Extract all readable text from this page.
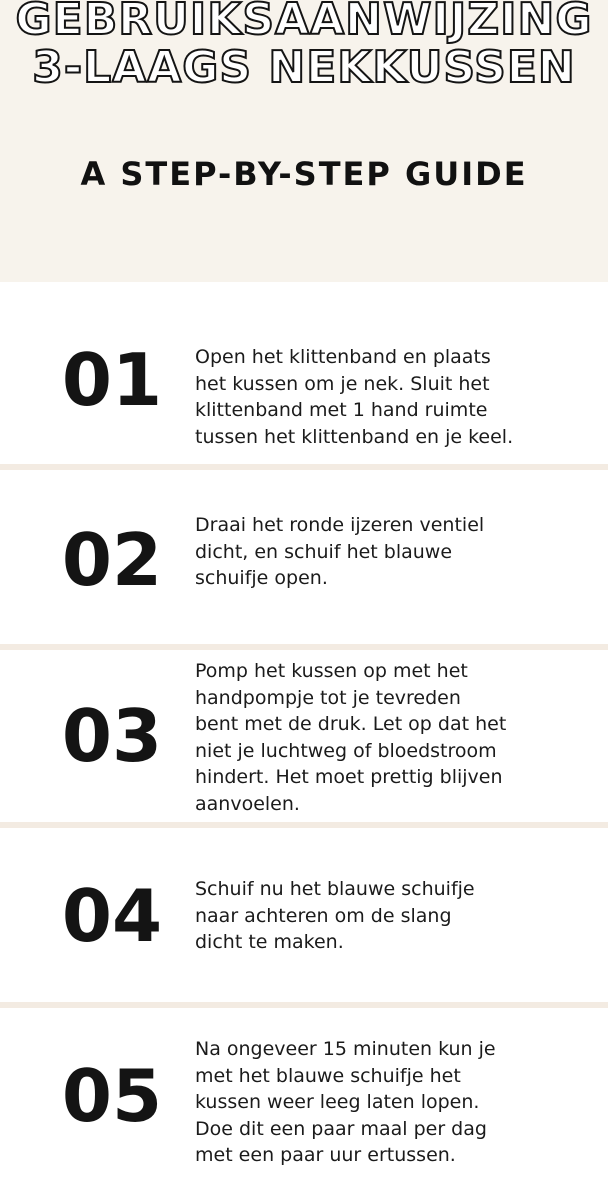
GEBRUIKSAANWIJZING
3-LAAGS NEKKUSSEN
A STEP-BY-STEP GUIDE
01	Open het klittenband en plaats
het kussen om je nek. Sluit het
klittenband met 1 hand ruimte
tussen het klittenband en je keel.
02	Draai het ronde ijzeren ventiel
dicht, en schuif het blauwe
schuifje open.
03
Pomp het kussen op met het
handpompje tot je tevreden
bent met de druk. Let op dat het
niet je luchtweg of bloedstroom
hindert. Het moet prettig blijven
aanvoelen.
04	Schuif nu het blauwe schuifje
naar achteren om de slang
dicht te maken.
05
Na ongeveer 15 minuten kun je
met het blauwe schuifje het
kussen weer leeg laten lopen.
Doe dit een paar maal per dag
met een paar uur ertussen.
